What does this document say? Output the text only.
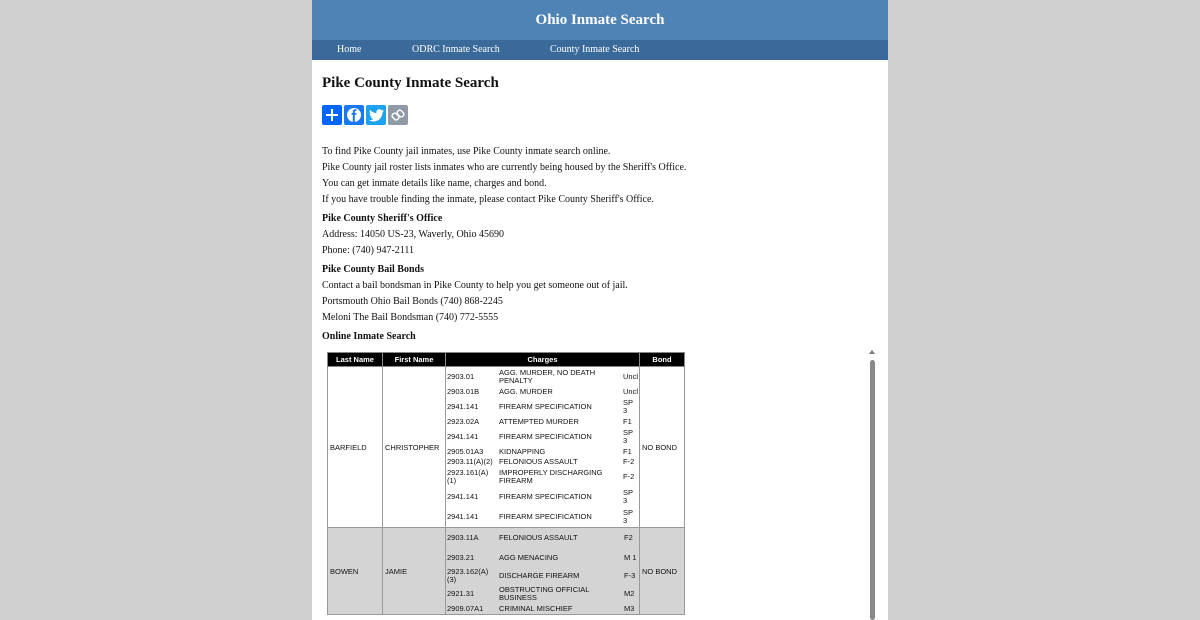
Ohio Inmate Search
Home	ODRC Inmate Search	County Inmate Search
Pike County Inmate Search

To find Pike County jail inmates, use Pike County inmate search online.

Pike County jail roster lists inmates who are currently being housed by the Sheriff's Office.

You can get inmate details like name, charges and bond.

If you have trouble finding the inmate, please contact Pike County Sheriff's Office.

Pike County Sheriff's Office

Address: 14050 US-23, Waverly, Ohio 45690

Phone: (740) 947-2111

Pike County Bail Bonds

Contact a bail bondsman in Pike County to help you get someone out of jail.

Portsmouth Ohio Bail Bonds (740) 868-2245

Meloni The Bail Bondsman (740) 772-5555

Online Inmate Search

Last Name	First Name	Charges	Bond
BARFIELD	CHRISTOPHER	
2903.01	AGG. MURDER, NO DEATH PENALTY	Uncl
2903.01B	AGG. MURDER	Uncl
2941.141	FIREARM SPECIFICATION	SP 3
2923.02A	ATTEMPTED MURDER	F1
2941.141	FIREARM SPECIFICATION	SP 3
2905.01A3	KIDNAPPING	F1
2903.11(A)(2)	FELONIOUS ASSAULT	F-2
2923.161(A)(1)	IMPROPERLY DISCHARGING FIREARM	F-2
2941.141	FIREARM SPECIFICATION	SP 3
2941.141	FIREARM SPECIFICATION	SP 3
	NO BOND
BOWEN	JAMIE	
2903.11A	FELONIOUS ASSAULT	F2
2903.21	AGG MENACING	M 1
2923.162(A)(3)	DISCHARGE FIREARM	F-3
2921.31	OBSTRUCTING OFFICIAL BUSINESS	M2
2909.07A1	CRIMINAL MISCHIEF	M3
	NO BOND
